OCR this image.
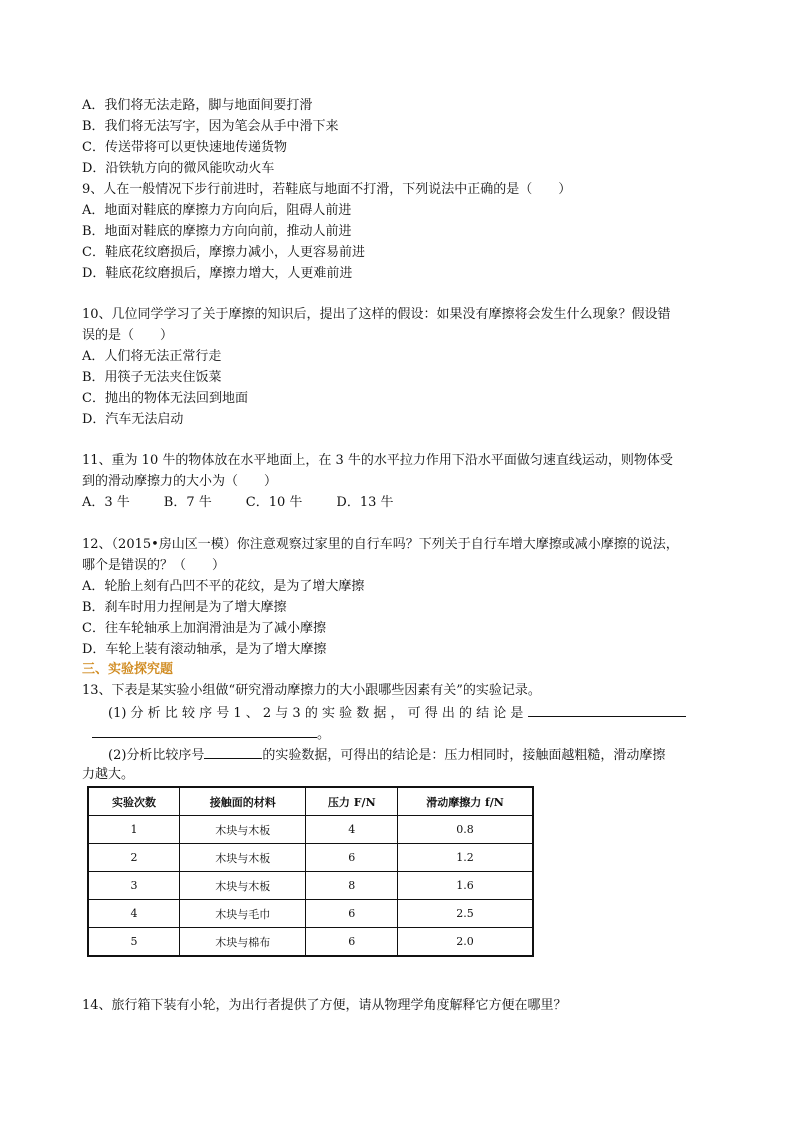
A．我们将无法走路，脚与地面间要打滑
B．我们将无法写字，因为笔会从手中滑下来
C．传送带将可以更快速地传递货物
D．沿铁轨方向的微风能吹动火车
9、人在一般情况下步行前进时，若鞋底与地面不打滑，下列说法中正确的是（　　）
A．地面对鞋底的摩擦力方向向后，阻碍人前进
B．地面对鞋底的摩擦力方向向前，推动人前进
C．鞋底花纹磨损后，摩擦力减小，人更容易前进
D．鞋底花纹磨损后，摩擦力增大，人更难前进
10、几位同学学习了关于摩擦的知识后，提出了这样的假设：如果没有摩擦将会发生什么现象？假设错
误的是（　　）
A．人们将无法正常行走
B．用筷子无法夹住饭菜
C．抛出的物体无法回到地面
D．汽车无法启动
11、重为 10 牛的物体放在水平地面上，在 3 牛的水平拉力作用下沿水平面做匀速直线运动，则物体受
到的滑动摩擦力的大小为（　　）
A．3 牛	B．7 牛	C．10 牛	D．13 牛
12、（2015•房山区一模）你注意观察过家里的自行车吗？下列关于自行车增大摩擦或减小摩擦的说法，
哪个是错误的？（　　）
A．轮胎上刻有凸凹不平的花纹，是为了增大摩擦
B．刹车时用力捏闸是为了增大摩擦
C．往车轮轴承上加润滑油是为了减小摩擦
D．车轮上装有滚动轴承，是为了增大摩擦
三、实验探究题
13、下表是某实验小组做“研究滑动摩擦力的大小跟哪些因素有关”的实验记录。
(1) 分 析 比 较 序 号 1 、 2 与 3 的 实 验 数 据 ， 可 得 出 的 结 论 是
。
(2)分析比较序号	的实验数据，可得出的结论是：压力相同时，接触面越粗糙，滑动摩擦
力越大。
实验次数	接触面的材料	压力 F/N	滑动摩擦力 f/N
1	木块与木板	4	0.8
2	木块与木板	6	1.2
3	木块与木板	8	1.6
4	木块与毛巾	6	2.5
5	木块与棉布	6	2.0
14、旅行箱下装有小轮，为出行者提供了方便，请从物理学角度解释它方便在哪里？
